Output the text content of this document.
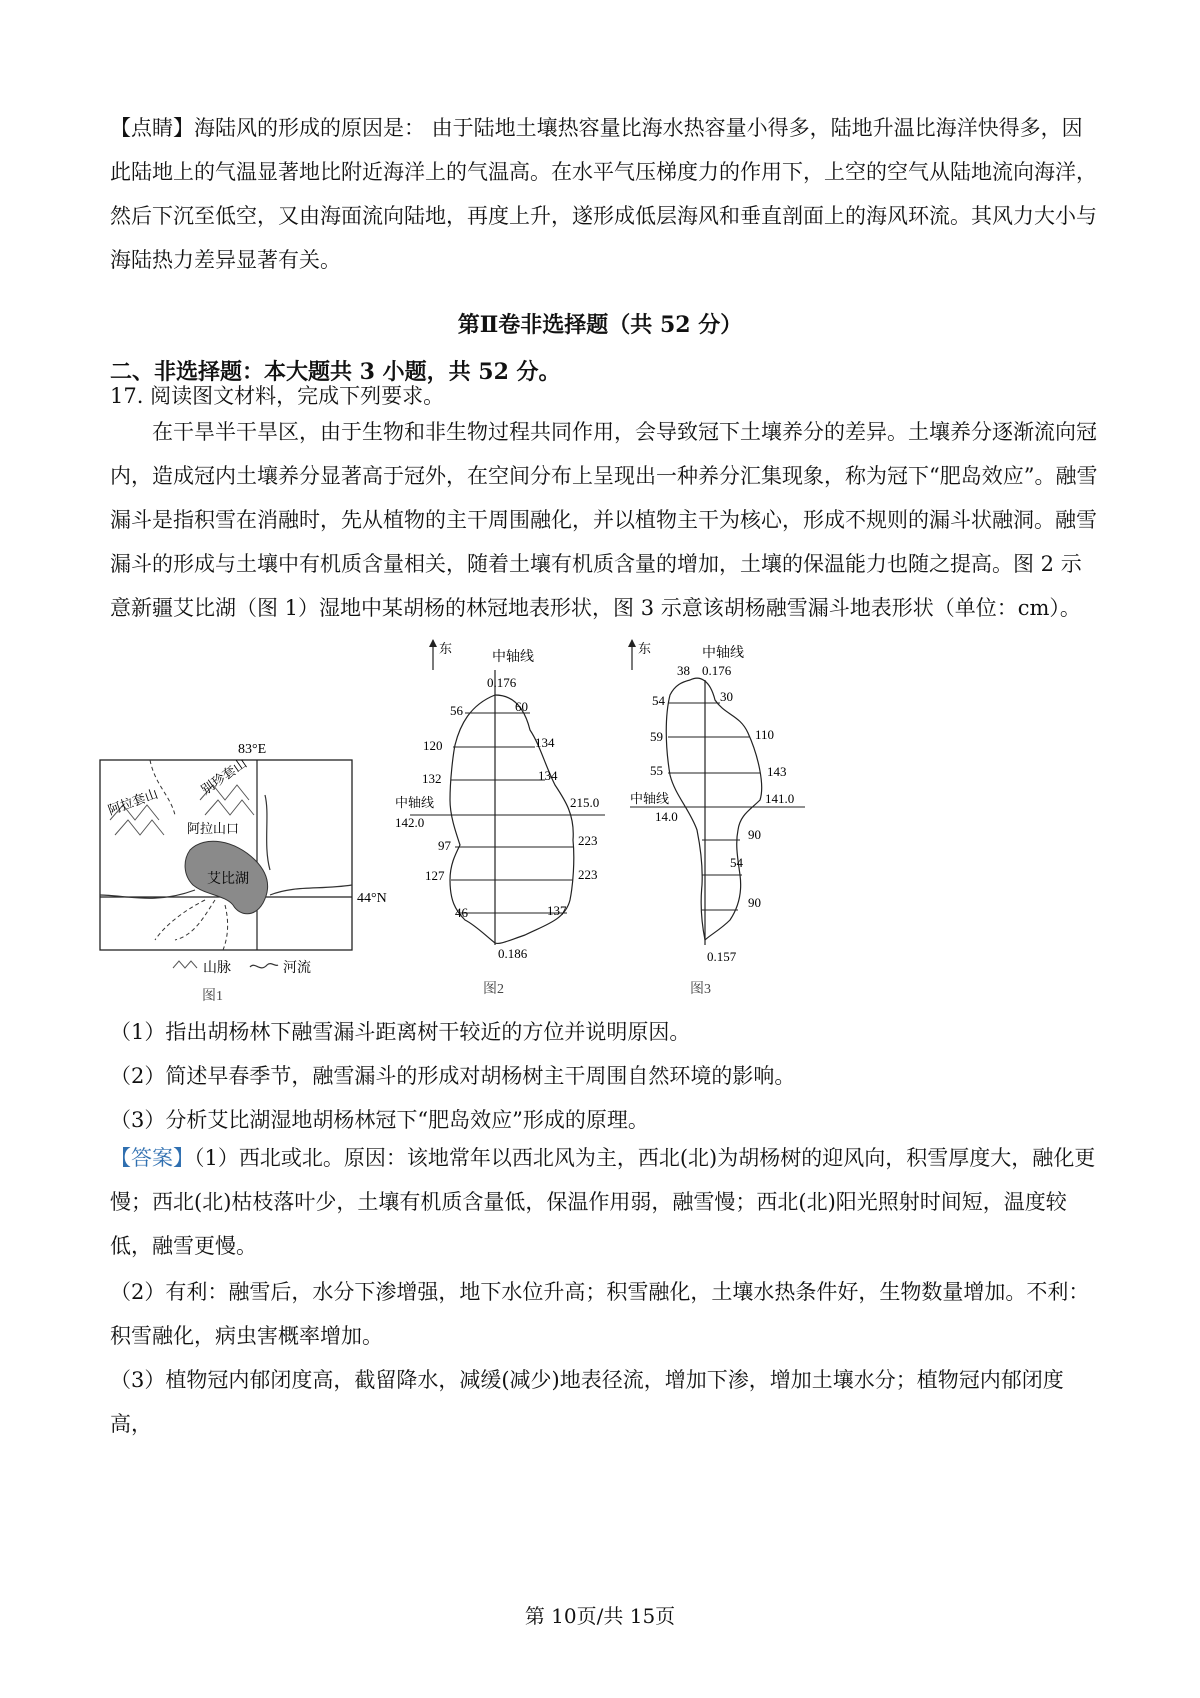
【点睛】海陆风的形成的原因是： 由于陆地土壤热容量比海水热容量小得多，陆地升温比海洋快得多，因此陆地上的气温显著地比附近海洋上的气温高。在水平气压梯度力的作用下，上空的空气从陆地流向海洋，然后下沉至低空，又由海面流向陆地，再度上升，遂形成低层海风和垂直剖面上的海风环流。其风力大小与海陆热力差异显著有关。
第Ⅱ卷非选择题（共 52 分）
二、非选择题：本大题共 3 小题，共 52 分。
17. 阅读图文材料，完成下列要求。
在干旱半干旱区，由于生物和非生物过程共同作用，会导致冠下土壤养分的差异。土壤养分逐渐流向冠内，造成冠内土壤养分显著高于冠外，在空间分布上呈现出一种养分汇集现象，称为冠下“肥岛效应”。融雪漏斗是指积雪在消融时，先从植物的主干周围融化，并以植物主干为核心，形成不规则的漏斗状融洞。融雪漏斗的形成与土壤中有机质含量相关，随着土壤有机质含量的增加，土壤的保温能力也随之提高。图 2 示意新疆艾比湖（图 1）湿地中某胡杨的林冠地表形状，图 3 示意该胡杨融雪漏斗地表形状（单位：cm）。
83°E
44°N
艾比湖
阿拉山口
阿拉套山
别珍套山
山脉	河流
图1
东
中轴线
0.176
中轴线
142.0
215.0
56
120
132
97
127
46
60
134
134
223
223
137
0.186
图2
东	中轴线
38 0.176
54
59
55
中轴线
14.0
141.0
30
110
143
90
54
90
0.157
图3
（1）指出胡杨林下融雪漏斗距离树干较近的方位并说明原因。
（2）简述早春季节，融雪漏斗的形成对胡杨树主干周围自然环境的影响。
（3）分析艾比湖湿地胡杨林冠下“肥岛效应”形成的原理。
【答案】（1）西北或北。原因：该地常年以西北风为主，西北(北)为胡杨树的迎风向，积雪厚度大，融化更慢；西北(北)枯枝落叶少，土壤有机质含量低，保温作用弱，融雪慢；西北(北)阳光照射时间短，温度较低，融雪更慢。
（2）有利：融雪后，水分下渗增强，地下水位升高；积雪融化，土壤水热条件好，生物数量增加。不利：积雪融化，病虫害概率增加。
（3）植物冠内郁闭度高，截留降水，减缓(减少)地表径流，增加下渗，增加土壤水分；植物冠内郁闭度高，
第 10页/共 15页
